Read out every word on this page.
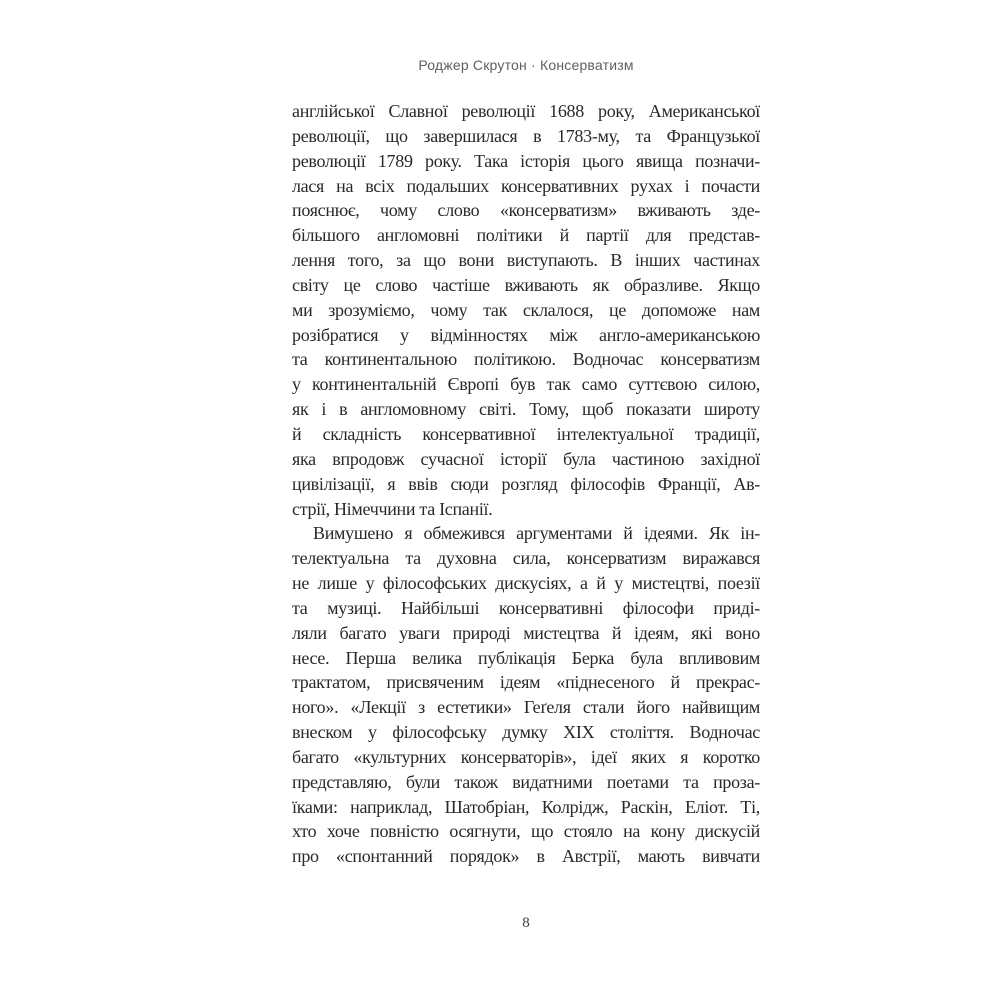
Роджер Скрутон · Консерватизм
англійської Славної революції 1688 року, Американської
революції, що завершилася в 1783-му, та Французької
революції 1789 року. Така історія цього явища позначи-
лася на всіх подальших консервативних рухах і почасти
пояснює, чому слово «консерватизм» вживають зде-
більшого англомовні політики й партії для представ-
лення того, за що вони виступають. В інших частинах
світу це слово частіше вживають як образливе. Якщо
ми зрозуміємо, чому так склалося, це допоможе нам
розібратися у відмінностях між англо-американською
та континентальною політикою. Водночас консерватизм
у континентальній Європі був так само суттєвою силою,
як і в англомовному світі. Тому, щоб показати широту
й складність консервативної інтелектуальної традиції,
яка впродовж сучасної історії була частиною західної
цивілізації, я ввів сюди розгляд філософів Франції, Ав-
стрії, Німеччини та Іспанії.
Вимушено я обмежився аргументами й ідеями. Як ін-
телектуальна та духовна сила, консерватизм виражався
не лише у філософських дискусіях, а й у мистецтві, поезії
та музиці. Найбільші консервативні філософи приді-
ляли багато уваги природі мистецтва й ідеям, які воно
несе. Перша велика публікація Берка була впливовим
трактатом, присвяченим ідеям «піднесеного й прекрас-
ного». «Лекції з естетики» Геґеля стали його найвищим
внеском у філософську думку XIX століття. Водночас
багато «культурних консерваторів», ідеї яких я коротко
представляю, були також видатними поетами та проза-
їками: наприклад, Шатобріан, Колрідж, Раскін, Еліот. Ті,
хто хоче повністю осягнути, що стояло на кону дискусій
про «спонтанний порядок» в Австрії, мають вивчати
8
